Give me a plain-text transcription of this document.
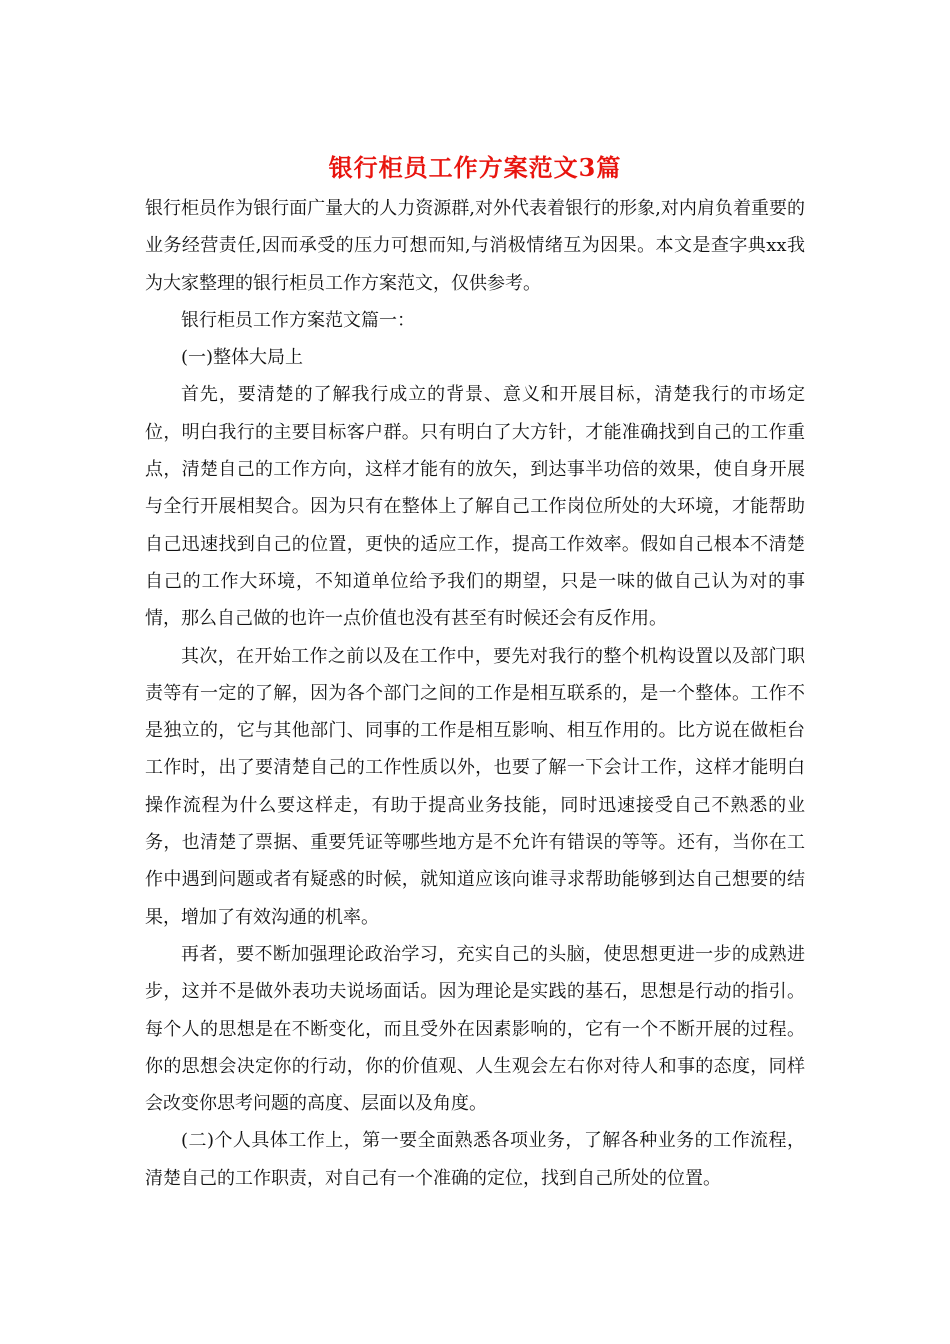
银行柜员工作方案范文3篇

银行柜员作为银行面广量大的人力资源群,对外代表着银行的形象,对内肩负着重要的业务经营责任,因而承受的压力可想而知,与消极情绪互为因果。本文是查字典xx我为大家整理的银行柜员工作方案范文，仅供参考。

银行柜员工作方案范文篇一：

(一)整体大局上

首先，要清楚的了解我行成立的背景、意义和开展目标，清楚我行的市场定位，明白我行的主要目标客户群。只有明白了大方针，才能准确找到自己的工作重点，清楚自己的工作方向，这样才能有的放矢，到达事半功倍的效果，使自身开展与全行开展相契合。因为只有在整体上了解自己工作岗位所处的大环境，才能帮助自己迅速找到自己的位置，更快的适应工作，提高工作效率。假如自己根本不清楚自己的工作大环境，不知道单位给予我们的期望，只是一味的做自己认为对的事情，那么自己做的也许一点价值也没有甚至有时候还会有反作用。

其次，在开始工作之前以及在工作中，要先对我行的整个机构设置以及部门职责等有一定的了解，因为各个部门之间的工作是相互联系的，是一个整体。工作不是独立的，它与其他部门、同事的工作是相互影响、相互作用的。比方说在做柜台工作时，出了要清楚自己的工作性质以外，也要了解一下会计工作，这样才能明白操作流程为什么要这样走，有助于提高业务技能，同时迅速接受自己不熟悉的业务，也清楚了票据、重要凭证等哪些地方是不允许有错误的等等。还有，当你在工作中遇到问题或者有疑惑的时候，就知道应该向谁寻求帮助能够到达自己想要的结果，增加了有效沟通的机率。

再者，要不断加强理论政治学习，充实自己的头脑，使思想更进一步的成熟进步，这并不是做外表功夫说场面话。因为理论是实践的基石，思想是行动的指引。每个人的思想是在不断变化，而且受外在因素影响的，它有一个不断开展的过程。你的思想会决定你的行动，你的价值观、人生观会左右你对待人和事的态度，同样会改变你思考问题的高度、层面以及角度。

(二)个人具体工作上，第一要全面熟悉各项业务，了解各种业务的工作流程，清楚自己的工作职责，对自己有一个准确的定位，找到自己所处的位置。
